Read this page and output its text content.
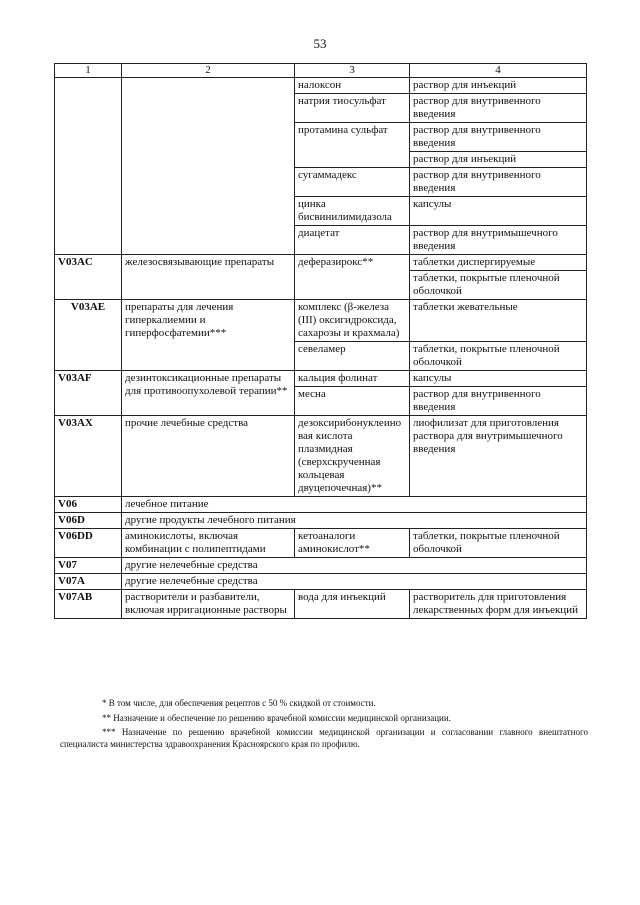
53
1	2	3	4
		налоксон	раствор для инъекций
		натрия тиосульфат	раствор для внутривенного введения
		протамина сульфат	раствор для внутривенного введения
			раствор для инъекций
		сугаммадекс	раствор для внутривенного введения
		цинка бисвинилимидазола	капсулы
		диацетат	раствор для внутримышечного введения
V03AC	железосвязывающие препараты	деферазирокс**	таблетки диспергируемые
			таблетки, покрытые пленочной оболочкой
V03AE	препараты для лечения гиперкалиемии и гиперфосфатемии***	комплекс (β-железа (III) оксигидроксида, сахарозы и крахмала)	таблетки жевательные
		севеламер	таблетки, покрытые пленочной оболочкой
V03AF	дезинтоксикационные препараты для противоопухолевой терапии**	кальция фолинат	капсулы
		месна	раствор для внутривенного введения
V03AX	прочие лечебные средства	дезоксирибонуклеиновая кислота плазмидная (сверхскрученная кольцевая двуцепочечная)**	лиофилизат для приготовления раствора для внутримышечного введения
V06	лечебное питание		
V06D	другие продукты лечебного питания		
V06DD	аминокислоты, включая комбинации с полипептидами	кетоаналоги аминокислот**	таблетки, покрытые пленочной оболочкой
V07	другие нелечебные средства		
V07A	другие нелечебные средства		
V07AB	растворители и разбавители, включая ирригационные растворы	вода для инъекций	растворитель для приготовления лекарственных форм для инъекций

* В том числе, для обеспечения рецептов с 50 % скидкой от стоимости.

** Назначение и обеспечение по решению врачебной комиссии медицинской организации.

*** Назначение по решению врачебной комиссии медицинской организации и согласовании главного внештатного специалиста министерства здравоохранения Красноярского края по профилю.
